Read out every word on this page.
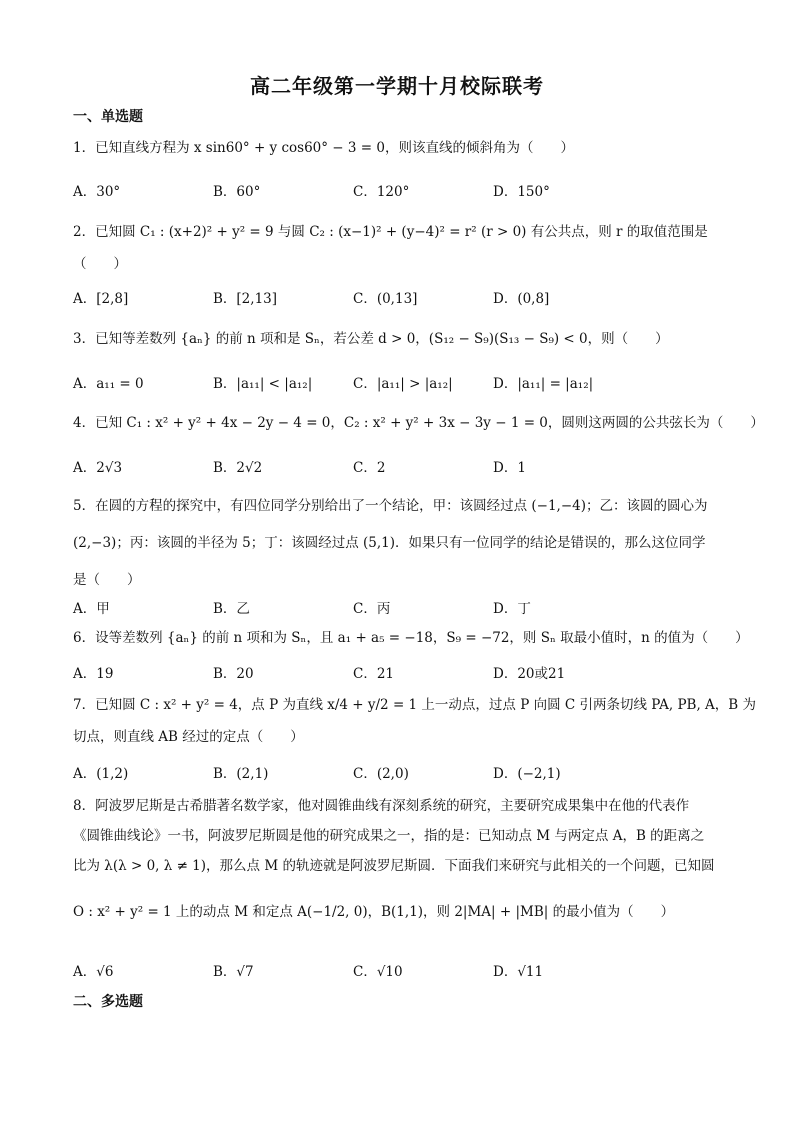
高二年级第一学期十月校际联考
一、单选题
1．已知直线方程为 x sin60° + y cos60° − 3 = 0，则该直线的倾斜角为（　　）
A．30°	B．60°	C．120°	D．150°
2．已知圆 C₁ : (x+2)² + y² = 9 与圆 C₂ : (x−1)² + (y−4)² = r² (r > 0) 有公共点，则 r 的取值范围是
（　　）
A．[2,8]	B．[2,13]	C．(0,13]	D．(0,8]
3．已知等差数列 {aₙ} 的前 n 项和是 Sₙ，若公差 d > 0，(S₁₂ − S₉)(S₁₃ − S₉) < 0，则（　　）
A．a₁₁ = 0	B．|a₁₁| < |a₁₂|	C．|a₁₁| > |a₁₂|	D．|a₁₁| = |a₁₂|
4．已知 C₁ : x² + y² + 4x − 2y − 4 = 0，C₂ : x² + y² + 3x − 3y − 1 = 0，圆则这两圆的公共弦长为（　　）
A．2√3	B．2√2	C．2	D．1
5．在圆的方程的探究中，有四位同学分别给出了一个结论，甲：该圆经过点 (−1,−4)；乙：该圆的圆心为
(2,−3)；丙：该圆的半径为 5；丁：该圆经过点 (5,1)．如果只有一位同学的结论是错误的，那么这位同学
是（　　）
A．甲	B．乙	C．丙	D．丁
6．设等差数列 {aₙ} 的前 n 项和为 Sₙ，且 a₁ + a₅ = −18，S₉ = −72，则 Sₙ 取最小值时，n 的值为（　　）
A．19	B．20	C．21	D．20或21
7．已知圆 C : x² + y² = 4，点 P 为直线 x/4 + y/2 = 1 上一动点，过点 P 向圆 C 引两条切线 PA, PB, A，B 为
切点，则直线 AB 经过的定点（　　）
A．(1,2)	B．(2,1)	C．(2,0)	D．(−2,1)
8．阿波罗尼斯是古希腊著名数学家，他对圆锥曲线有深刻系统的研究，主要研究成果集中在他的代表作
《圆锥曲线论》一书，阿波罗尼斯圆是他的研究成果之一，指的是：已知动点 M 与两定点 A，B 的距离之
比为 λ(λ > 0, λ ≠ 1)，那么点 M 的轨迹就是阿波罗尼斯圆．下面我们来研究与此相关的一个问题，已知圆
O : x² + y² = 1 上的动点 M 和定点 A(−1/2, 0)，B(1,1)，则 2|MA| + |MB| 的最小值为（　　）
A．√6	B．√7	C．√10	D．√11
二、多选题
